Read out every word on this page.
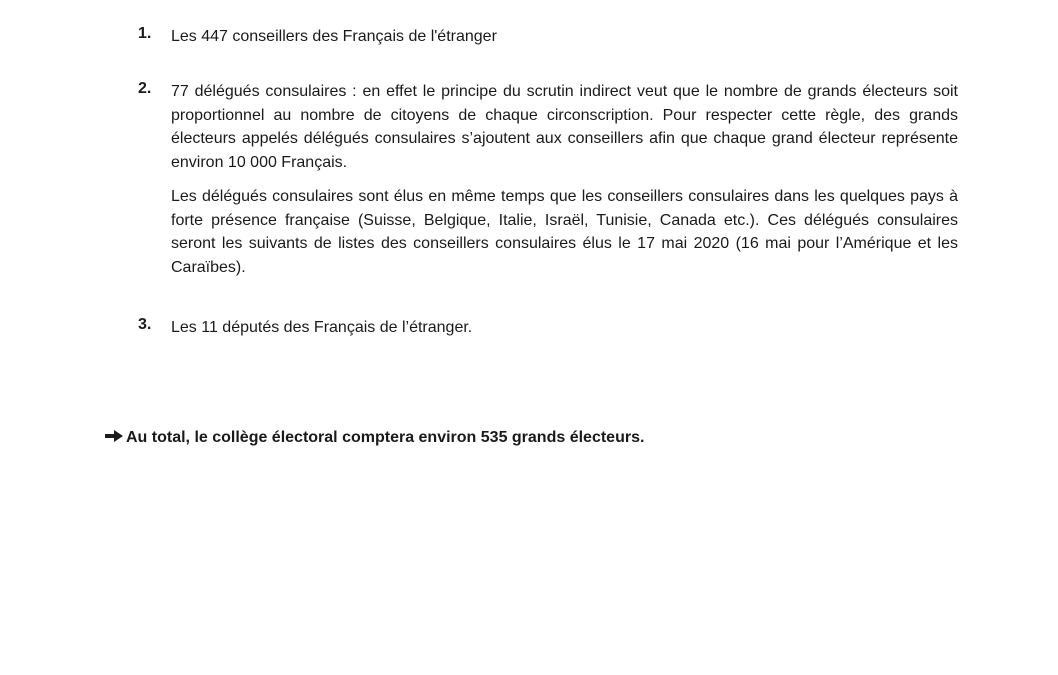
1. Les 447 conseillers des Français de l'étranger

2. 77 délégués consulaires : en effet le principe du scrutin indirect veut que le nombre de grands électeurs soit proportionnel au nombre de citoyens de chaque circonscription. Pour respecter cette règle, des grands électeurs appelés délégués consulaires s’ajoutent aux conseillers afin que chaque grand électeur représente environ 10 000 Français.

Les délégués consulaires sont élus en même temps que les conseillers consulaires dans les quelques pays à forte présence française (Suisse, Belgique, Italie, Israël, Tunisie, Canada etc.). Ces délégués consulaires seront les suivants de listes des conseillers consulaires élus le 17 mai 2020 (16 mai pour l’Amérique et les Caraïbes).

3. Les 11 députés des Français de l’étranger.

Au total, le collège électoral comptera environ 535 grands électeurs.
